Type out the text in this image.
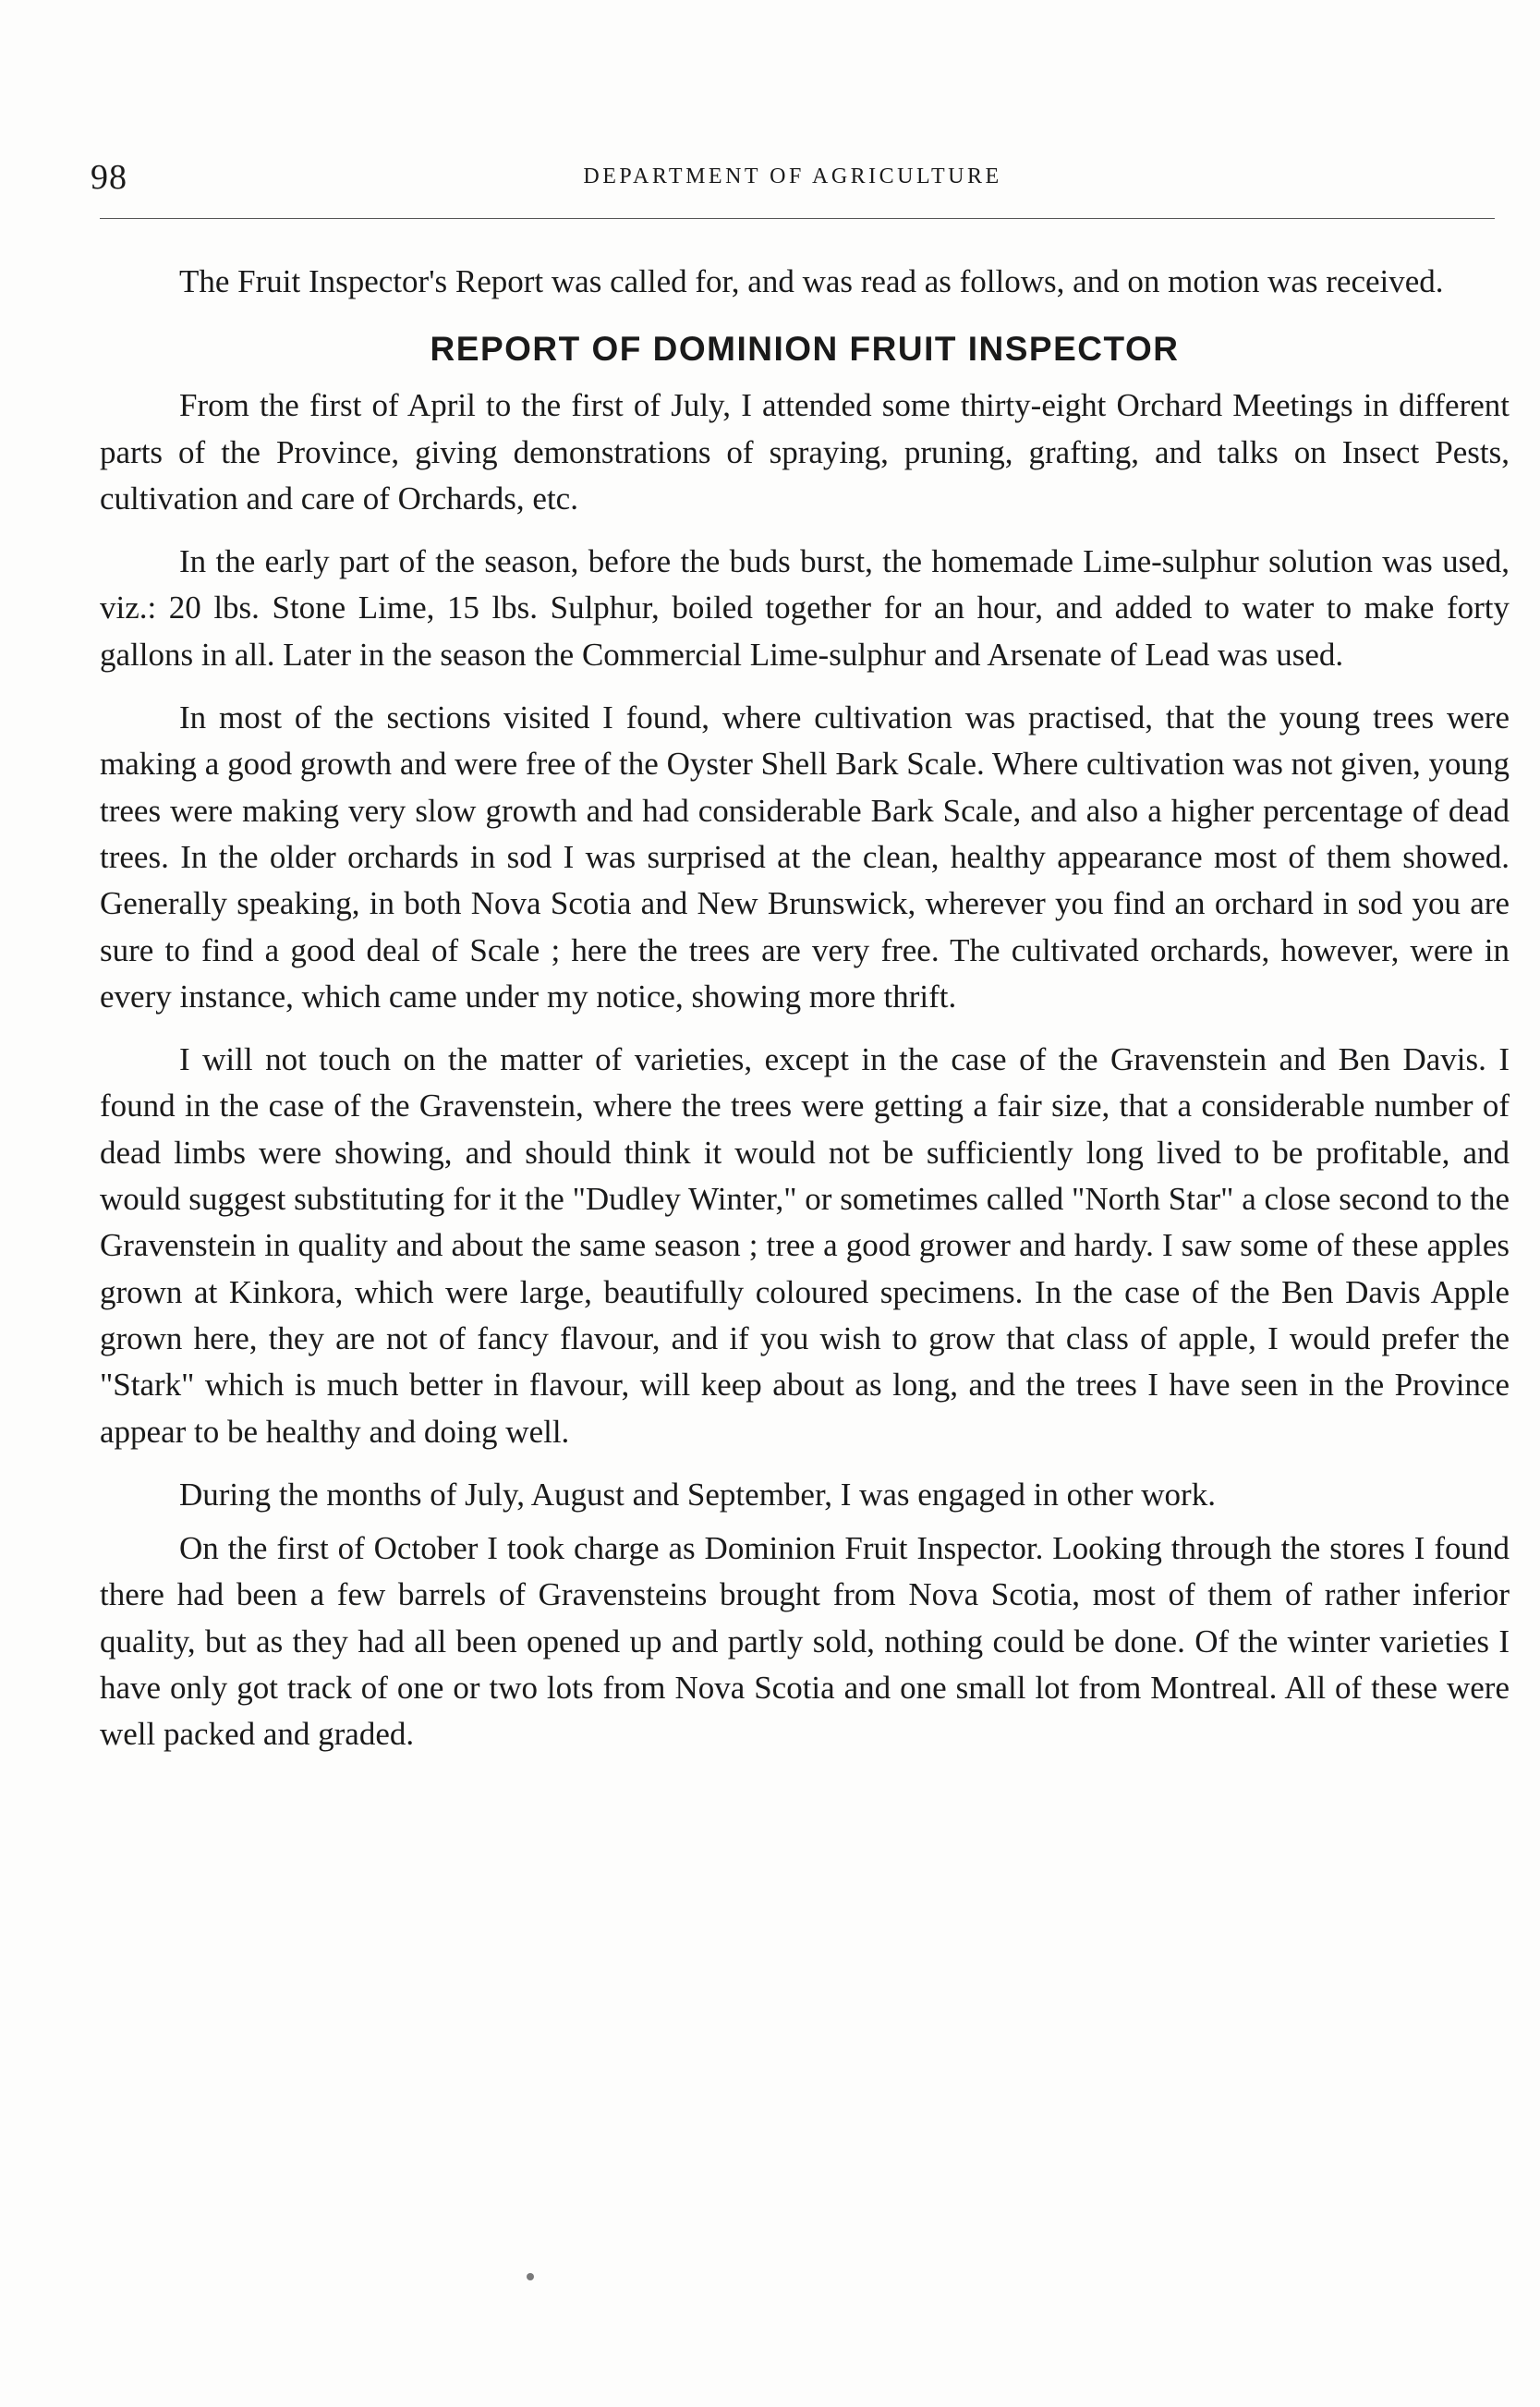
98	DEPARTMENT OF AGRICULTURE

The Fruit Inspector's Report was called for, and was read as follows, and on motion was received.

REPORT OF DOMINION FRUIT INSPECTOR

From the first of April to the first of July, I attended some thirty-eight Orchard Meetings in different parts of the Province, giving demonstrations of spraying, pruning, grafting, and talks on Insect Pests, cultivation and care of Orchards, etc.

In the early part of the season, before the buds burst, the homemade Lime-sulphur solution was used, viz.: 20 lbs. Stone Lime, 15 lbs. Sulphur, boiled together for an hour, and added to water to make forty gallons in all. Later in the season the Commercial Lime-sulphur and Arsenate of Lead was used.

In most of the sections visited I found, where cultivation was practised, that the young trees were making a good growth and were free of the Oyster Shell Bark Scale. Where cultivation was not given, young trees were making very slow growth and had considerable Bark Scale, and also a higher percentage of dead trees. In the older orchards in sod I was surprised at the clean, healthy appearance most of them showed. Generally speaking, in both Nova Scotia and New Brunswick, wherever you find an orchard in sod you are sure to find a good deal of Scale ; here the trees are very free. The cultivated orchards, however, were in every instance, which came under my notice, showing more thrift.

I will not touch on the matter of varieties, except in the case of the Gravenstein and Ben Davis. I found in the case of the Gravenstein, where the trees were getting a fair size, that a considerable number of dead limbs were showing, and should think it would not be sufficiently long lived to be profitable, and would suggest substituting for it the "Dudley Winter," or sometimes called "North Star" a close second to the Gravenstein in quality and about the same season ; tree a good grower and hardy. I saw some of these apples grown at Kinkora, which were large, beautifully coloured specimens. In the case of the Ben Davis Apple grown here, they are not of fancy flavour, and if you wish to grow that class of apple, I would prefer the "Stark" which is much better in flavour, will keep about as long, and the trees I have seen in the Province appear to be healthy and doing well.

During the months of July, August and September, I was engaged in other work.

On the first of October I took charge as Dominion Fruit Inspector. Looking through the stores I found there had been a few barrels of Gravensteins brought from Nova Scotia, most of them of rather inferior quality, but as they had all been opened up and partly sold, nothing could be done. Of the winter varieties I have only got track of one or two lots from Nova Scotia and one small lot from Montreal. All of these were well packed and graded.
